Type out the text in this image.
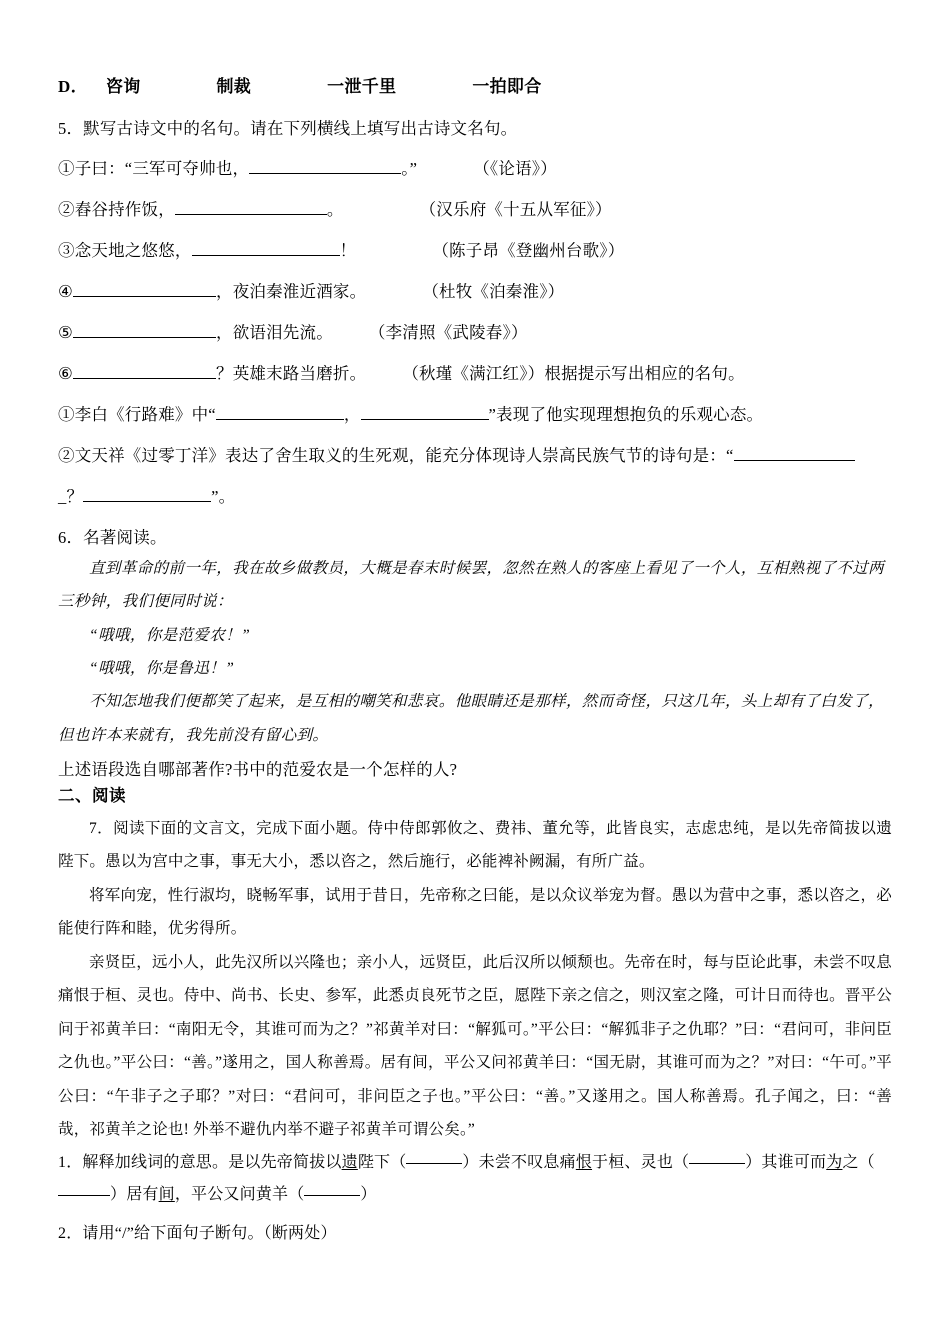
D． 咨询	制裁	一泄千里	一拍即合
5．默写古诗文中的名句。请在下列横线上填写出古诗文名句。
①子曰：“三军可夺帅也，	。”	（《论语》）
②舂谷持作饭，	。	（汉乐府《十五从军征》）
③念天地之悠悠，	！	（陈子昂《登幽州台歌》）
④	，夜泊秦淮近酒家。	（杜牧《泊秦淮》）
⑤	，欲语泪先流。 （李清照《武陵春》）
⑥	？英雄末路当磨折。 （秋瑾《满江红》）根据提示写出相应的名句。
①李白《行路难》中“	，	”表现了他实现理想抱负的乐观心态。
②文天祥《过零丁洋》表达了舍生取义的生死观，能充分体现诗人崇高民族气节的诗句是：“
_？	”。
6．名著阅读。
直到革命的前一年，我在故乡做教员，大概是春末时候罢，忽然在熟人的客座上看见了一个人，互相熟视了不过两三秒钟，我们便同时说：
“哦哦，你是范爱农！”
“哦哦，你是鲁迅！”
不知怎地我们便都笑了起来，是互相的嘲笑和悲哀。他眼睛还是那样，然而奇怪，只这几年，头上却有了白发了，但也许本来就有，我先前没有留心到。
上述语段选自哪部著作?书中的范爱农是一个怎样的人?
二、阅读
7．阅读下面的文言文，完成下面小题。侍中侍郎郭攸之、费祎、董允等，此皆良实，志虑忠纯，是以先帝简拔以遗陛下。愚以为宫中之事，事无大小，悉以咨之，然后施行，必能裨补阙漏，有所广益。
将军向宠，性行淑均，晓畅军事，试用于昔日，先帝称之曰能，是以众议举宠为督。愚以为营中之事，悉以咨之，必能使行阵和睦，优劣得所。
亲贤臣，远小人，此先汉所以兴隆也；亲小人，远贤臣，此后汉所以倾颓也。先帝在时，每与臣论此事，未尝不叹息痛恨于桓、灵也。侍中、尚书、长史、参军，此悉贞良死节之臣，愿陛下亲之信之，则汉室之隆，可计日而待也。晋平公问于祁黄羊曰：“南阳无令，其谁可而为之？”祁黄羊对曰：“解狐可。”平公曰：“解狐非子之仇耶？”曰：“君问可，非问臣之仇也。”平公曰：“善。”遂用之，国人称善焉。居有间，平公又问祁黄羊曰：“国无尉，其谁可而为之？”对曰：“午可。”平公曰：“午非子之子耶？”对曰：“君问可，非问臣之子也。”平公曰：“善。”又遂用之。国人称善焉。孔子闻之，曰：“善哉，祁黄羊之论也! 外举不避仇内举不避子祁黄羊可谓公矣。”
1．解释加线词的意思。是以先帝简拔以遗陛下（	）未尝不叹息痛恨于桓、灵也（	）其谁可而为之（）居有间，平公又问黄羊（	）
2．请用“/”给下面句子断句。（断两处）
